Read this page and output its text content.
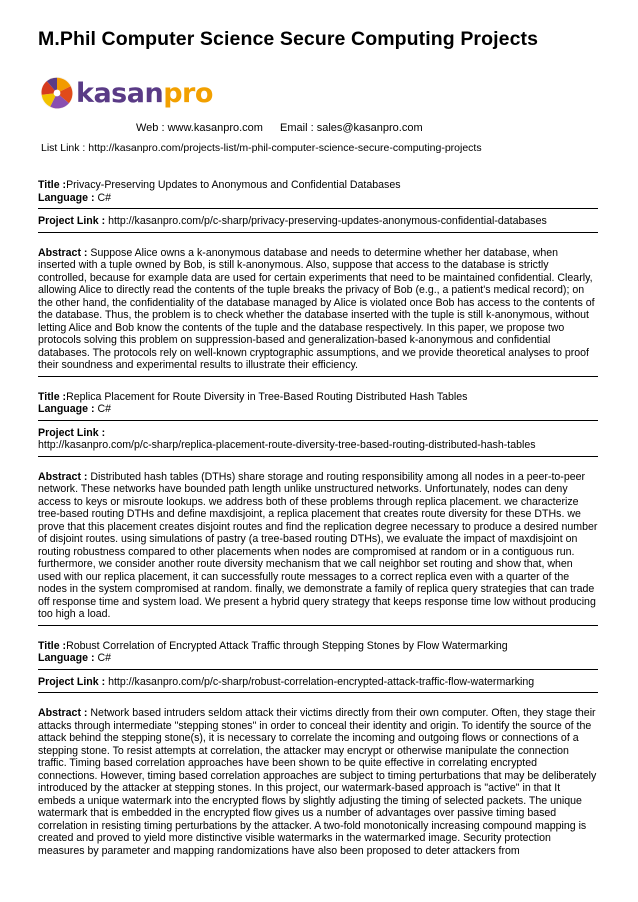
M.Phil Computer Science Secure Computing Projects
kasanpro
Web : www.kasanpro.com Email : sales@kasanpro.com
List Link : http://kasanpro.com/projects-list/m-phil-computer-science-secure-computing-projects
Title :Privacy-Preserving Updates to Anonymous and Confidential Databases
Language : C#
Project Link : http://kasanpro.com/p/c-sharp/privacy-preserving-updates-anonymous-confidential-databases
Abstract : Suppose Alice owns a k-anonymous database and needs to determine whether her database, when inserted with a tuple owned by Bob, is still k-anonymous. Also, suppose that access to the database is strictly controlled, because for example data are used for certain experiments that need to be maintained confidential. Clearly, allowing Alice to directly read the contents of the tuple breaks the privacy of Bob (e.g., a patient's medical record); on the other hand, the confidentiality of the database managed by Alice is violated once Bob has access to the contents of the database. Thus, the problem is to check whether the database inserted with the tuple is still k-anonymous, without letting Alice and Bob know the contents of the tuple and the database respectively. In this paper, we propose two protocols solving this problem on suppression-based and generalization-based k-anonymous and confidential databases. The protocols rely on well-known cryptographic assumptions, and we provide theoretical analyses to proof their soundness and experimental results to illustrate their efficiency.
Title :Replica Placement for Route Diversity in Tree-Based Routing Distributed Hash Tables
Language : C#
Project Link :
http://kasanpro.com/p/c-sharp/replica-placement-route-diversity-tree-based-routing-distributed-hash-tables
Abstract : Distributed hash tables (DTHs) share storage and routing responsibility among all nodes in a peer-to-peer network. These networks have bounded path length unlike unstructured networks. Unfortunately, nodes can deny access to keys or misroute lookups. we address both of these problems through replica placement. we characterize tree-based routing DTHs and define maxdisjoint, a replica placement that creates route diversity for these DTHs. we prove that this placement creates disjoint routes and find the replication degree necessary to produce a desired number of disjoint routes. using simulations of pastry (a tree-based routing DTHs), we evaluate the impact of maxdisjoint on routing robustness compared to other placements when nodes are compromised at random or in a contiguous run. furthermore, we consider another route diversity mechanism that we call neighbor set routing and show that, when used with our replica placement, it can successfully route messages to a correct replica even with a quarter of the nodes in the system compromised at random. finally, we demonstrate a family of replica query strategies that can trade off response time and system load. We present a hybrid query strategy that keeps response time low without producing too high a load.
Title :Robust Correlation of Encrypted Attack Traffic through Stepping Stones by Flow Watermarking
Language : C#
Project Link : http://kasanpro.com/p/c-sharp/robust-correlation-encrypted-attack-traffic-flow-watermarking
Abstract : Network based intruders seldom attack their victims directly from their own computer. Often, they stage their attacks through intermediate "stepping stones" in order to conceal their identity and origin. To identify the source of the attack behind the stepping stone(s), it is necessary to correlate the incoming and outgoing flows or connections of a stepping stone. To resist attempts at correlation, the attacker may encrypt or otherwise manipulate the connection traffic. Timing based correlation approaches have been shown to be quite effective in correlating encrypted connections. However, timing based correlation approaches are subject to timing perturbations that may be deliberately introduced by the attacker at stepping stones. In this project, our watermark-based approach is "active" in that It embeds a unique watermark into the encrypted flows by slightly adjusting the timing of selected packets. The unique watermark that is embedded in the encrypted flow gives us a number of advantages over passive timing based correlation in resisting timing perturbations by the attacker. A two-fold monotonically increasing compound mapping is created and proved to yield more distinctive visible watermarks in the watermarked image. Security protection measures by parameter and mapping randomizations have also been proposed to deter attackers from
